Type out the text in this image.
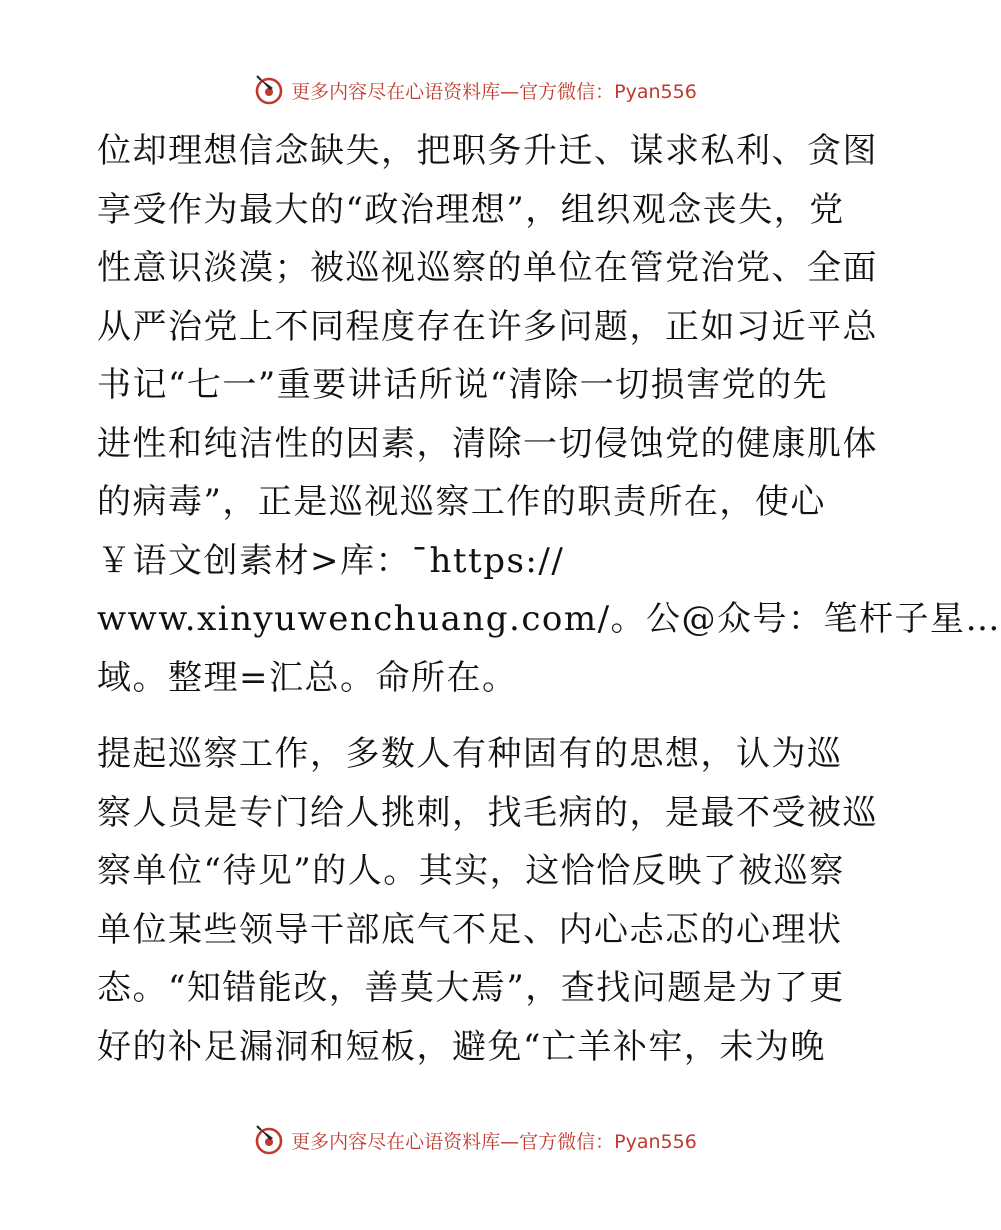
更多内容尽在心语资料库 —官方微信：Pyan556
位却理想信念缺失，把职务升迁、谋求私利、贪图
享受作为最大的“政治理想”，组织观念丧失，党
性意识淡漠；被巡视巡察的单位在管党治党、全面
从严治党上不同程度存在许多问题，正如习近平总
书记“七一”重要讲话所说“清除一切损害党的先
进性和纯洁性的因素，清除一切侵蚀党的健康肌体
的病毒”，正是巡视巡察工作的职责所在，使心
￥语文创素材>库：¯https://
www.xinyuwenchuang.com/。公@众号：笔杆子星…
域。整理=汇总。命所在。
提起巡察工作，多数人有种固有的思想，认为巡
察人员是专门给人挑刺，找毛病的，是最不受被巡
察单位“待见”的人。其实，这恰恰反映了被巡察
单位某些领导干部底气不足、内心忐忑的心理状
态。“知错能改，善莫大焉”，查找问题是为了更
好的补足漏洞和短板，避免“亡羊补牢，未为晚
更多内容尽在心语资料库 —官方微信：Pyan556
